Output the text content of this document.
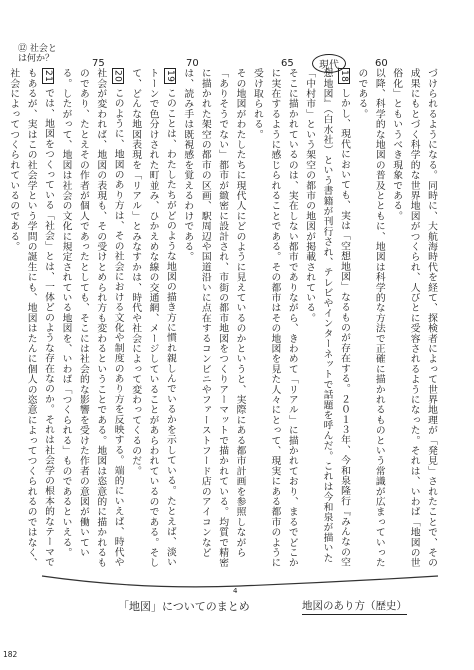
⑫ 社会とは何か？	75	70	65	60
現代

づけられるようになる。同時に、大航海時代を経て、探検者によって世界地理が「発見」されたことで、その成果にもとづく科学的な世界地図がつくられ、人びとに受容されるようになった。それは、いわば「地図の世俗化」ともいうべき現象である。

以降、科学的な地図の普及とともに、地図は科学的な方法で正確に描かれるものという常識が広まっていったのである。

18 しかし、現代においても、実は「空想地図」なるものが存在する。２０１３年、今和泉隆行『みんなの空想地図』（白水社）という書籍が刊行され、テレビやインターネットで話題を呼んだ。これは今和泉が描いた「中村市」という架空の都市の地図が掲載されている。

そこに描かれているのは、実在しない都市でありながら、きわめて「リアル」に描かれており、まるでどこかに実在するように感じられることである。その都市はその地図を見た人々にとって、現実にある都市のように受け取られる。

その地図がわたしたちに現代人にどのように見えているのかというと、実際にある都市計画を参照しながら「ありそうでない」都市が緻密に設計され、市街の都市地図をつくりアーマットで描かれている。均質で精密に描かれた架空の都市の区画、駅周辺や国道沿いに点在するコンビニやファーストフード店のアイコンなどは、読み手は既視感を覚えるわけである。

19 このことは、わたしたちがどのような地図の描き方に慣れ親しんでいるかを示している。たとえば、淡いトーンで色分けされた町並み、ひかえめな線の交通網、メージしていることがあらわれているのである。そして、どんな地図表現を「リアル」とみなすかは、時代や社会によって変わってくるのだ。

20 このように、地図のあり方は、その社会における文化や制度のあり方を反映する。端的にいえば、時代や社会が変われば、地図の表現も、その受けとめられ方も変わるということである。地図は恣意的に描かれるものであり、たとえその作者が個人であったとしても、そこには社会的な影響を受けた作者の意図が働いている。したがって、地図は社会の文化に規定されている地図を、いわば「つくられる」ものであるといえる。

21 では、地図をつくっている「社会」とは、一体どのような存在なのか。それは社会学の根本的なテーマでもあるが、実はこの社会学という学問の誕生にも、地図はたんに個人の恣意によってつくられるのではなく、社会によってつくられているのである。

4
「地図」についてのまとめ	地図のあり方（歴史）
182
